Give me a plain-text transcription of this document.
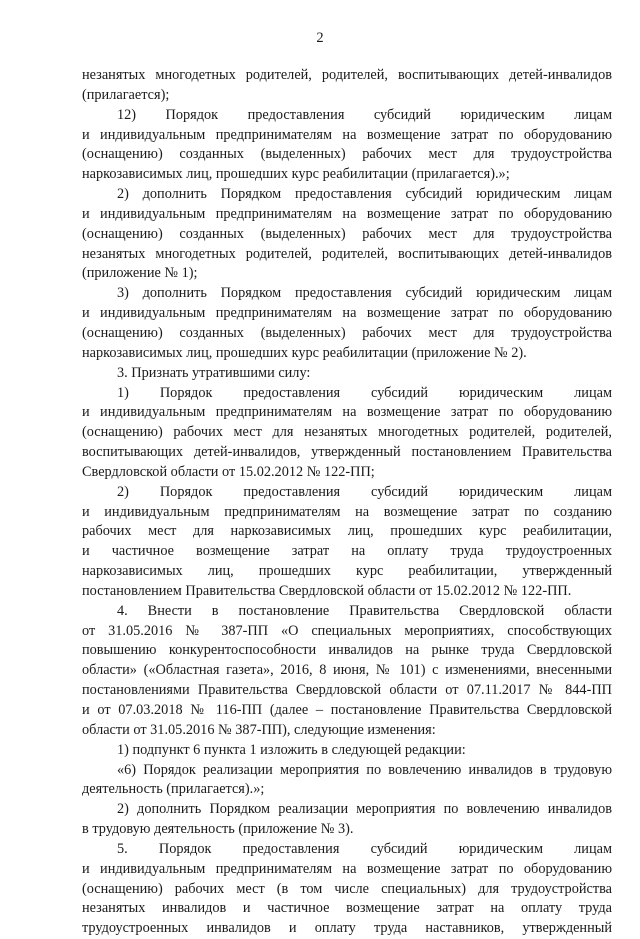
2
незанятых многодетных родителей, родителей, воспитывающих детей-инвалидов
(прилагается);
12) Порядок предоставления субсидий юридическим лицам
и индивидуальным предпринимателям на возмещение затрат по оборудованию
(оснащению) созданных (выделенных) рабочих мест для трудоустройства
наркозависимых лиц, прошедших курс реабилитации (прилагается).»;
2) дополнить Порядком предоставления субсидий юридическим лицам
и индивидуальным предпринимателям на возмещение затрат по оборудованию
(оснащению) созданных (выделенных) рабочих мест для трудоустройства
незанятых многодетных родителей, родителей, воспитывающих детей-инвалидов
(приложение № 1);
3) дополнить Порядком предоставления субсидий юридическим лицам
и индивидуальным предпринимателям на возмещение затрат по оборудованию
(оснащению) созданных (выделенных) рабочих мест для трудоустройства
наркозависимых лиц, прошедших курс реабилитации (приложение № 2).
3. Признать утратившими силу:
1) Порядок предоставления субсидий юридическим лицам
и индивидуальным предпринимателям на возмещение затрат по оборудованию
(оснащению) рабочих мест для незанятых многодетных родителей, родителей,
воспитывающих детей-инвалидов, утвержденный постановлением Правительства
Свердловской области от 15.02.2012 № 122-ПП;
2) Порядок предоставления субсидий юридическим лицам
и индивидуальным предпринимателям на возмещение затрат по созданию
рабочих мест для наркозависимых лиц, прошедших курс реабилитации,
и частичное возмещение затрат на оплату труда трудоустроенных
наркозависимых лиц, прошедших курс реабилитации, утвержденный
постановлением Правительства Свердловской области от 15.02.2012 № 122-ПП.
4. Внести в постановление Правительства Свердловской области
от 31.05.2016 № 387-ПП «О специальных мероприятиях, способствующих
повышению конкурентоспособности инвалидов на рынке труда Свердловской
области» («Областная газета», 2016, 8 июня, № 101) с изменениями, внесенными
постановлениями Правительства Свердловской области от 07.11.2017 № 844-ПП
и от 07.03.2018 № 116-ПП (далее – постановление Правительства Свердловской
области от 31.05.2016 № 387-ПП), следующие изменения:
1) подпункт 6 пункта 1 изложить в следующей редакции:
«6) Порядок реализации мероприятия по вовлечению инвалидов в трудовую
деятельность (прилагается).»;
2) дополнить Порядком реализации мероприятия по вовлечению инвалидов
в трудовую деятельность (приложение № 3).
5. Порядок предоставления субсидий юридическим лицам
и индивидуальным предпринимателям на возмещение затрат по оборудованию
(оснащению) рабочих мест (в том числе специальных) для трудоустройства
незанятых инвалидов и частичное возмещение затрат на оплату труда
трудоустроенных инвалидов и оплату труда наставников, утвержденный
